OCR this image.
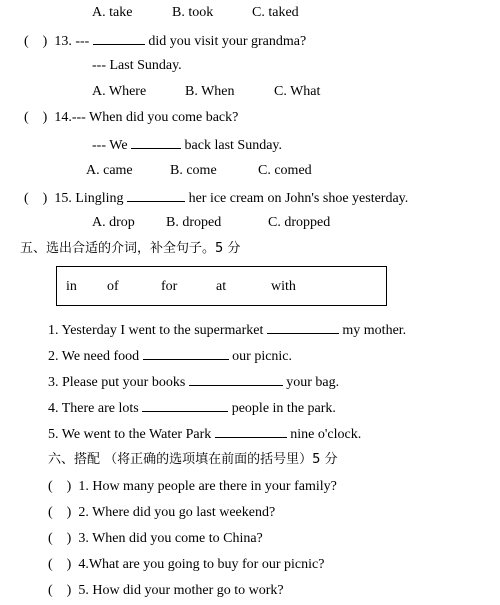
A. take	B. took	C. taked
(    ) 13. ---	did you visit your grandma?
--- Last Sunday.
A. Where	B. When	C. What
(    ) 14.--- When did you come back?
--- We	back last Sunday.
A. came	B. come	C. comed
(    ) 15. Lingling	her ice cream on John's shoe yesterday.
A. drop B. droped	C. dropped
五、选出合适的介词，补全句子。5 分
in of	for	at	with
1. Yesterday I went to the supermarket	my mother.
2. We need food	our picnic.
3. Please put your books	your bag.
4. There are lots	people in the park.
5. We went to the Water Park	nine o'clock.
六、搭配 （将正确的选项填在前面的括号里）5 分
(    ) 1. How many people are there in your family?
(    ) 2. Where did you go last weekend?
(    ) 3. When did you come to China?
(    ) 4.What are you going to buy for our picnic?
(    ) 5. How did your mother go to work?
